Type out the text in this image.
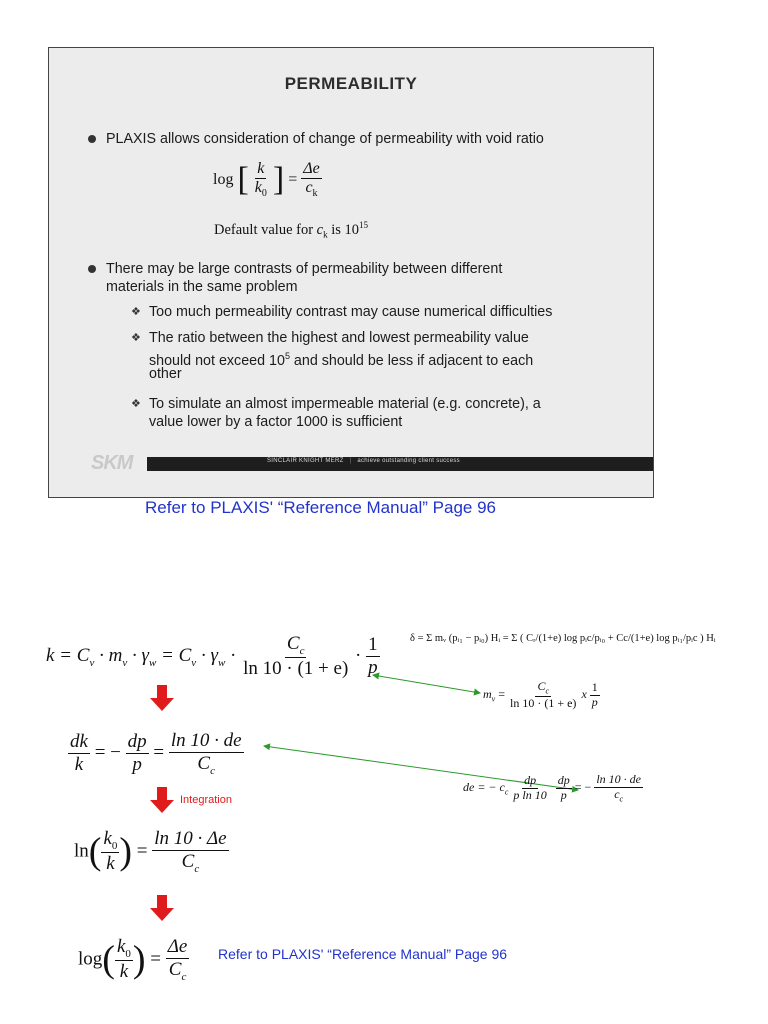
PERMEABILITY
PLAXIS allows consideration of change of permeability with void ratio
log [ $\frac{k}{k_0}$ ] = $\frac{\Delta e}{c_k}$
Default value for $c_k$ is $10^{15}$
There may be large contrasts of permeability between different
materials in the same problem
❖ Too much permeability contrast may cause numerical difficulties
❖ The ratio between the highest and lowest permeability value
should not exceed $10^5$ and should be less if adjacent to each
other
❖ To simulate an almost impermeable material (e.g. concrete), a
value lower by a factor 1000 is sufficient
SKM	SINCLAIR KNIGHT MERZ | achieve outstanding client success
Refer to PLAXIS' “Reference Manual” Page 96
$k = C_v \cdot m_v \cdot \gamma_w = C_v \cdot \gamma_w \cdot \frac{C_c}{\ln 10 \cdot (1 + e)} \cdot \frac{1}{p}$	δ = Σ mᵥ (pᵢ₁ − pᵢ₀) Hᵢ = Σ ( Cᵣ/(1+e) log pᵢc/pᵢ₀ + Cc/(1+e) log pᵢ₁/pᵢc ) Hᵢ
$m_v = \frac{C_c}{\ln 10 \cdot (1 + e)}$ x $\frac{1}{p}$
$\frac{dk}{k}$ = − $\frac{dp}{p} = \frac{\ln 10 \cdot de}{C_c}$
de = − $c_c \frac{dp}{\text{p ln 10}}$
$\frac{dp}{p}$ = − $\frac{\ln 10 \cdot de}{c_c}$
Integration
$\ln( \frac{k_0}{k}$ ) = $\frac{\ln 10 \cdot \Delta e}{C_c}$
$\log( \frac{k_0}{k}$ ) = $\frac{\Delta e}{C_c}$ Refer to PLAXIS' “Reference Manual” Page 96
